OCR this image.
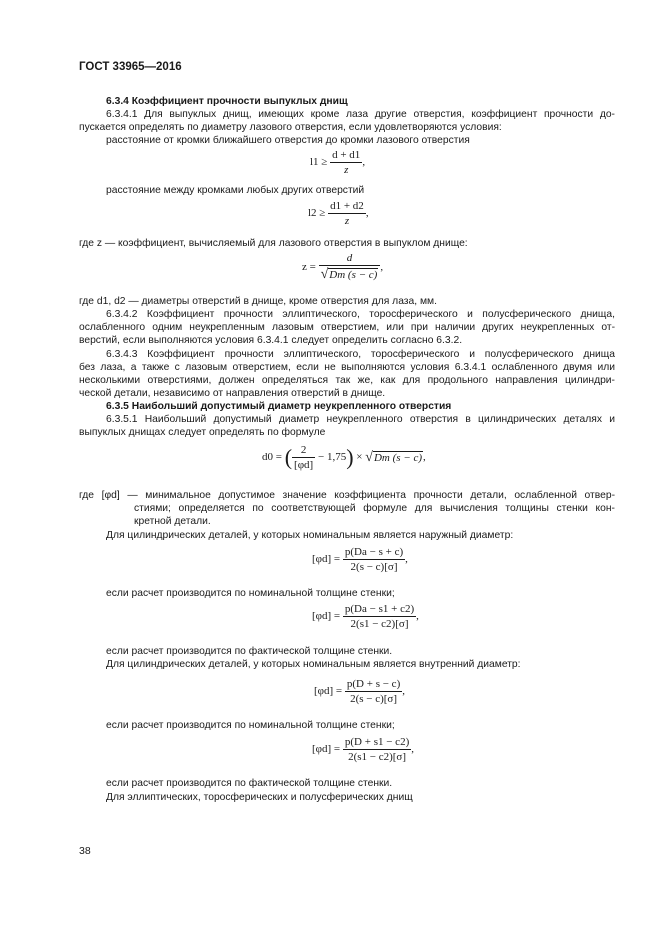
ГОСТ 33965—2016
6.3.4 Коэффициент прочности выпуклых днищ
6.3.4.1 Для выпуклых днищ, имеющих кроме лаза другие отверстия, коэффициент прочности до-
пускается определять по диаметру лазового отверстия, если удовлетворяются условия:
расстояние от кромки ближайшего отверстия до кромки лазового отверстия
$l1 \ge \frac{d + d1}{z}$ ,
расстояние между кромками любых других отверстий
$l2 \ge \frac{d1 + d2}{z}$ ,
где z — коэффициент, вычисляемый для лазового отверстия в выпуклом днище:
$z = \frac{d}{√Dm (s - c)}$ ,
где d1, d2 — диаметры отверстий в днище, кроме отверстия для лаза, мм.
6.3.4.2 Коэффициент прочности эллиптического, торосферического и полусферического днища,
ослабленного одним неукрепленным лазовым отверстием, или при наличии других неукрепленных от-
верстий, если выполняются условия 6.3.4.1 следует определить согласно 6.3.2.
6.3.4.3 Коэффициент прочности эллиптического, торосферического и полусферического днища
без лаза, а также с лазовым отверстием, если не выполняются условия 6.3.4.1 ослабленного двумя или
несколькими отверстиями, должен определяться так же, как для продольного направления цилиндри-
ческой детали, независимо от направления отверстий в днище.
6.3.5 Наибольший допустимый диаметр неукрепленного отверстия
6.3.5.1 Наибольший допустимый диаметр неукрепленного отверстия в цилиндрических деталях и
выпуклых днищах следует определять по формуле
d0 = ( $\frac{2}{[\varphi d]} - 1,75) \times √Dm$ (s − c),
где [φd] — минимальное допустимое значение коэффициента прочности детали, ослабленной отвер-
стиями; определяется по соответствующей формуле для вычисления толщины стенки кон-
кретной детали.
Для цилиндрических деталей, у которых номинальным является наружный диаметр:
$[\varphi d] = \frac{p(Da - s + c)}{2(s - c)[\sigma]}$ ,
если расчет производится по номинальной толщине стенки;
$[\varphi d] = \frac{p(Da - s1 + c2)}{2(s1 - c2)[\sigma]}$ ,
если расчет производится по фактической толщине стенки.
Для цилиндрических деталей, у которых номинальным является внутренний диаметр:
$[\varphi d] = \frac{p(D + s - c)}{2(s - c)[\sigma]}$ ,
если расчет производится по номинальной толщине стенки;
$[\varphi d] = \frac{p(D + s1 - c2)}{2(s1 - c2)[\sigma]}$ ,
если расчет производится по фактической толщине стенки.
Для эллиптических, торосферических и полусферических днищ
38
